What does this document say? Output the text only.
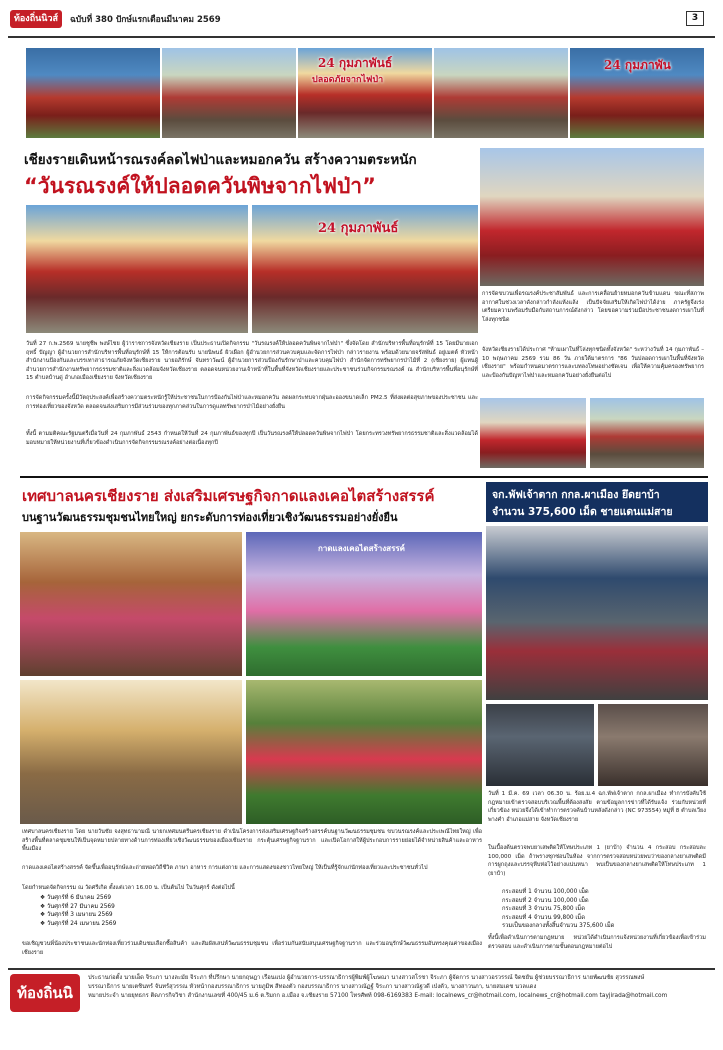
ท้องถิ่นนิวส์	ฉบับที่ 380 ปักษ์แรกเดือนมีนาคม 2569	3
24 กุมภาพันธ์
ปลอดภัยจากไฟป่า
24 กุมภาพัน
เชียงรายเดินหน้ารณรงค์ลดไฟป่าและหมอกควัน สร้างความตระหนัก
“วันรณรงค์ให้ปลอดควันพิษจากไฟป่า”
24 กุมภาพันธ์
วันที่ 27 ก.พ.2569 นายชูชีพ พงษ์ไชย ผู้ว่าราชการจังหวัดเชียงราย เป็นประธานเปิดกิจกรรม "วันรณรงค์ให้ปลอดควันพิษจากไฟป่า" ซึ่งจัดโดย สำนักบริหารพื้นที่อนุรักษ์ที่ 15 โดยมีนายเอกฤทธิ์ ปัญญา ผู้อำนวยการสำนักบริหารพื้นที่อนุรักษ์ที่ 15 ให้การต้อนรับ นายนิพนธ์ ผิวเผือก ผู้อำนวยการส่วนควบคุมและจัดการไฟป่า กล่าวรายงาน พร้อมด้วยนายจรัสพันธ์ อยู่เมตต์ หัวหน้าสำนักงานป้องกันและบรรเทาสาธารณภัยจังหวัดเชียงราย นายอภิรักษ์ จันทราวัฒน์ ผู้อำนวยการส่วนป้องกันรักษาป่าและควบคุมไฟป่า สำนักจัดการทรัพยากรป่าไม้ที่ 2 (เชียงราย) ผู้แทนผู้อำนวยการสำนักงานทรัพยากรธรรมชาติและสิ่งแวดล้อมจังหวัดเชียงราย ตลอดจนหน่วยงานเจ้าหน้าที่ในพื้นที่จังหวัดเชียงรายและประชาชนร่วมกิจกรรมรณรงค์ ณ สำนักบริหารพื้นที่อนุรักษ์ที่ 15 ตำบลบ้านดู่ อำเภอเมืองเชียงราย จังหวัดเชียงราย
การจัดกิจกรรมครั้งนี้มีวัตถุประสงค์เพื่อสร้างความตระหนักรู้ให้ประชาชนในการป้องกันไฟป่าและหมอกควัน ลดผลกระทบจากฝุ่นละอองขนาดเล็ก PM2.5 ที่ส่งผลต่อสุขภาพของประชาชน และการท่องเที่ยวของจังหวัด ตลอดจนส่งเสริมการมีส่วนร่วมของทุกภาคส่วนในการดูแลทรัพยากรป่าไม้อย่างยั่งยืน
ทั้งนี้ ตามมติคณะรัฐมนตรีเมื่อวันที่ 24 กุมภาพันธ์ 2543 กำหนดให้วันที่ 24 กุมภาพันธ์ของทุกปี เป็นวันรณรงค์ให้ปลอดควันพิษจากไฟป่า โดยกระทรวงทรัพยากรธรรมชาติและสิ่งแวดล้อมได้มอบหมายให้หน่วยงานที่เกี่ยวข้องดำเนินการจัดกิจกรรมรณรงค์อย่างต่อเนื่องทุกปี
การจัดขบวนเพื่อรณรงค์ประชาสัมพันธ์ และการเคลื่อนย้ายหมอกควันข้ามแดน ขณะที่สภาพอากาศในช่วงเวลาดังกล่าวกำลังแห้งแล้ง เป็นปัจจัยเสริมให้เกิดไฟป่าได้ง่าย ภาครัฐจึงเร่งเตรียมความพร้อมรับมือกับสถานการณ์ดังกล่าว โดยขอความร่วมมือประชาชนงดการเผาในที่โล่งทุกชนิด
จังหวัดเชียงรายได้ประกาศ "ห้ามเผาในที่โล่งทุกชนิดทั้งจังหวัด" ระหว่างวันที่ 14 กุมภาพันธ์ – 10 พฤษภาคม 2569 รวม 86 วัน ภายใต้มาตรการ "86 วันปลอดการเผาในพื้นที่จังหวัดเชียงราย" พร้อมกำหนดมาตรการและบทลงโทษอย่างชัดเจน เพื่อให้ความคุ้มครองทรัพยากรและป้องกันปัญหาไฟป่าและหมอกควันอย่างยั่งยืนต่อไป
เทศบาลนครเชียงราย ส่งเสริมเศรษฐกิจกาดแลงเคอไตสร้างสรรค์
บนฐานวัฒนธรรมชุมชนไทยใหญ่ ยกระดับการท่องเที่ยวเชิงวัฒนธรรมอย่างยั่งยืน
กาดแลงเคอไตสร้างสรรค์
เทศบาลนครเชียงราย โดย นายวันชัย จงสุทธานามณี นายกเทศมนตรีนครเชียงราย ดำเนินโครงการส่งเสริมเศรษฐกิจสร้างสรรค์บนฐานวัฒนธรรมชุมชน ขบวนรณรงค์และประเพณีไทยใหญ่ เพื่อสร้างพื้นที่ตลาดชุมชนให้เป็นจุดหมายปลายทางด้านการท่องเที่ยวเชิงวัฒนธรรมของเมืองเชียงราย กระตุ้นเศรษฐกิจฐานราก และเปิดโอกาสให้ผู้ประกอบการรายย่อยได้จำหน่ายสินค้าและอาหารพื้นเมือง
กาดแลงเคอไตสร้างสรรค์ จัดขึ้นเพื่ออนุรักษ์และถ่ายทอดวิถีชีวิต ภาษา อาหาร การแต่งกาย และการแสดงของชาวไทยใหญ่ ให้เป็นที่รู้จักแก่นักท่องเที่ยวและประชาชนทั่วไป
โดยกำหนดจัดกิจกรรม ณ วัดศรีเกิด ตั้งแต่เวลา 16.00 น. เป็นต้นไป ในวันศุกร์ ดังต่อไปนี้
❖ วันศุกร์ที่ 6 มีนาคม 2569
❖ วันศุกร์ที่ 27 มีนาคม 2569
❖ วันศุกร์ที่ 3 เมษายน 2569
❖ วันศุกร์ที่ 24 เมษายน 2569
ขอเชิญชวนพี่น้องประชาชนและนักท่องเที่ยวร่วมเดินชมเลือกซื้อสินค้า และสัมผัสเสน่ห์วัฒนธรรมชุมชน เพื่อร่วมกันสนับสนุนเศรษฐกิจฐานราก และร่วมอนุรักษ์วัฒนธรรมอันทรงคุณค่าของเมืองเชียงราย
จก.พัฟเจ้าตาก กกล.ผาเมือง ยึดยาบ้า
จำนวน 375,600 เม็ด ชายแดนแม่สาย
วันที่ 1 มี.ค. 69 เวลา 06.30 น. ร้อย.ม.4 ฉก.พัฟเจ้าตาก กกล.ผาเมือง ทำการบังคับใช้กฎหมายเข้าตรวจสอบบริเวณพื้นที่ต้องสงสัย ตามข้อมูลการข่าวที่ได้รับแจ้ง ร่วมกับหน่วยที่เกี่ยวข้อง หน่วยจึงได้เข้าทำการตรวจค้นบ้านหลังดังกล่าว (NC 973554) หมู่ที่ 8 ตำบลเวียงพางคำ อำเภอแม่สาย จังหวัดเชียงราย
ในเบื้องต้นตรวจพบยาเสพติดให้โทษประเภท 1 (ยาบ้า) จำนวน 4 กระสอบ กระสอบละ 100,000 เม็ด ถ้าพรางซุกซ่อนในห้อง จากการตรวจสอบหน่วยพบว่าของกลางยาเสพติดมีการผูกถุงและบรรจุหีบห่อไว้อย่างแน่นหนา พบเป็นของกลางยาเสพติดให้โทษประเภท 1 (ยาบ้า)
กระสอบที่ 1 จำนวน 100,000 เม็ด
กระสอบที่ 2 จำนวน 100,000 เม็ด
กระสอบที่ 3 จำนวน 75,800 เม็ด
กระสอบที่ 4 จำนวน 99,800 เม็ด
รวมเป็นของกลางทั้งสิ้นจำนวน 375,600 เม็ด
ทั้งนี้เพื่อดำเนินการตามกฎหมาย หน่วยได้ดำเนินการแจ้งหน่วยงานที่เกี่ยวข้องเพื่อเข้าร่วมตรวจสอบ และดำเนินการตามขั้นตอนกฎหมายต่อไป
ท้องถิ่นนิวส์
ประธานก่อตั้ง นายเอ็ด จิระภา นางละมัย จิระภา ที่ปรึกษา นายกฤษฎา เรือนแปง ผู้อำนวยการ-บรรณาธิการผู้พิมพ์ผู้โฆษณา นางสาวสโรชา จิระภา ผู้จัดการ นางสาวอรวรรณ์ จิดชยัน ผู้ช่วยบรรณาธิการ นายพัฒนชัย สุวรรณพงษ์
บรรณาธิการ นายเตชินทร์ จันทร์สุวรรณ หัวหน้ากองบรรณาธิการ นายภูมิพ สีทองตัว กองบรรณาธิการ นางสาวณัฏฐ์ จิระภา นางสาวณัฐวดี เป่งตัว, นางสาวนภา, นายสมเดช นวลแดง
หมายประจำ นายยุทธกร ติดภารกิจวิชา สำนักงานเลขที่ 400/45 ม.6 ต.ริมกก อ.เมือง จ.เชียงราย 57100 โทรศัพท์ 098-6169383 E-mail: localnews_cr@hotmail.com, localnews_cr@hotmail.com tayjirada@hotmail.com
